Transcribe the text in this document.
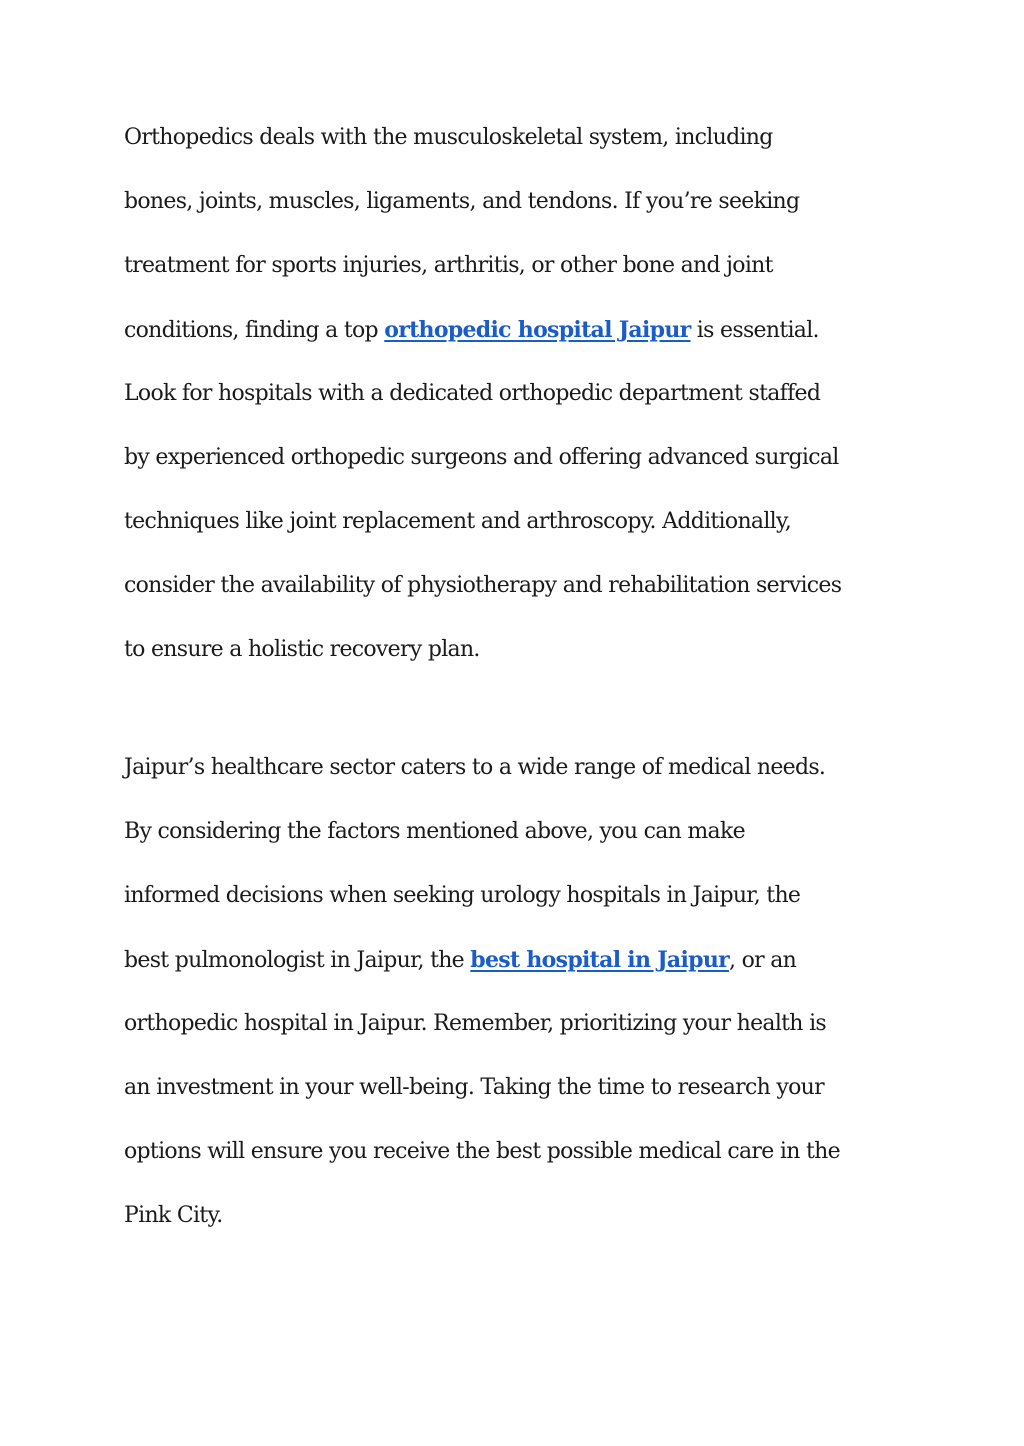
Orthopedics deals with the musculoskeletal system, including
bones, joints, muscles, ligaments, and tendons. If you’re seeking
treatment for sports injuries, arthritis, or other bone and joint
conditions, finding a top orthopedic hospital Jaipur is essential.
Look for hospitals with a dedicated orthopedic department staffed
by experienced orthopedic surgeons and offering advanced surgical
techniques like joint replacement and arthroscopy. Additionally,
consider the availability of physiotherapy and rehabilitation services
to ensure a holistic recovery plan.
Jaipur’s healthcare sector caters to a wide range of medical needs.
By considering the factors mentioned above, you can make
informed decisions when seeking urology hospitals in Jaipur, the
best pulmonologist in Jaipur, the best hospital in Jaipur, or an
orthopedic hospital in Jaipur. Remember, prioritizing your health is
an investment in your well-being. Taking the time to research your
options will ensure you receive the best possible medical care in the
Pink City.
